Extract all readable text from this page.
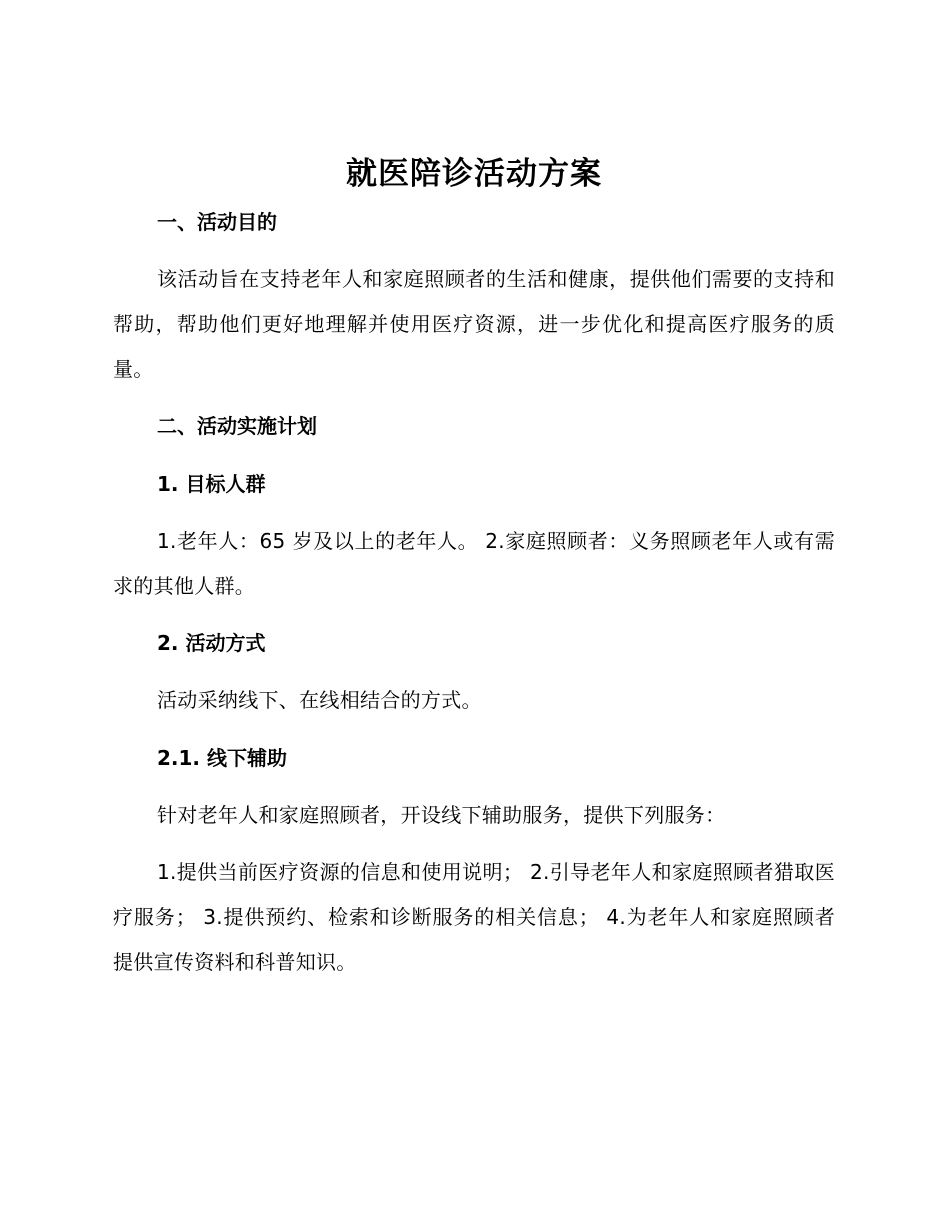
就医陪诊活动方案
一、活动目的

该活动旨在支持老年人和家庭照顾者的生活和健康，提供他们需要的支持和帮助，帮助他们更好地理解并使用医疗资源，进一步优化和提高医疗服务的质量。

二、活动实施计划
1. 目标人群

1.老年人：65 岁及以上的老年人。 2.家庭照顾者：义务照顾老年人或有需求的其他人群。

2. 活动方式

活动采纳线下、在线相结合的方式。

2.1. 线下辅助

针对老年人和家庭照顾者，开设线下辅助服务，提供下列服务：

1.提供当前医疗资源的信息和使用说明； 2.引导老年人和家庭照顾者猎取医疗服务； 3.提供预约、检索和诊断服务的相关信息； 4.为老年人和家庭照顾者提供宣传资料和科普知识。
